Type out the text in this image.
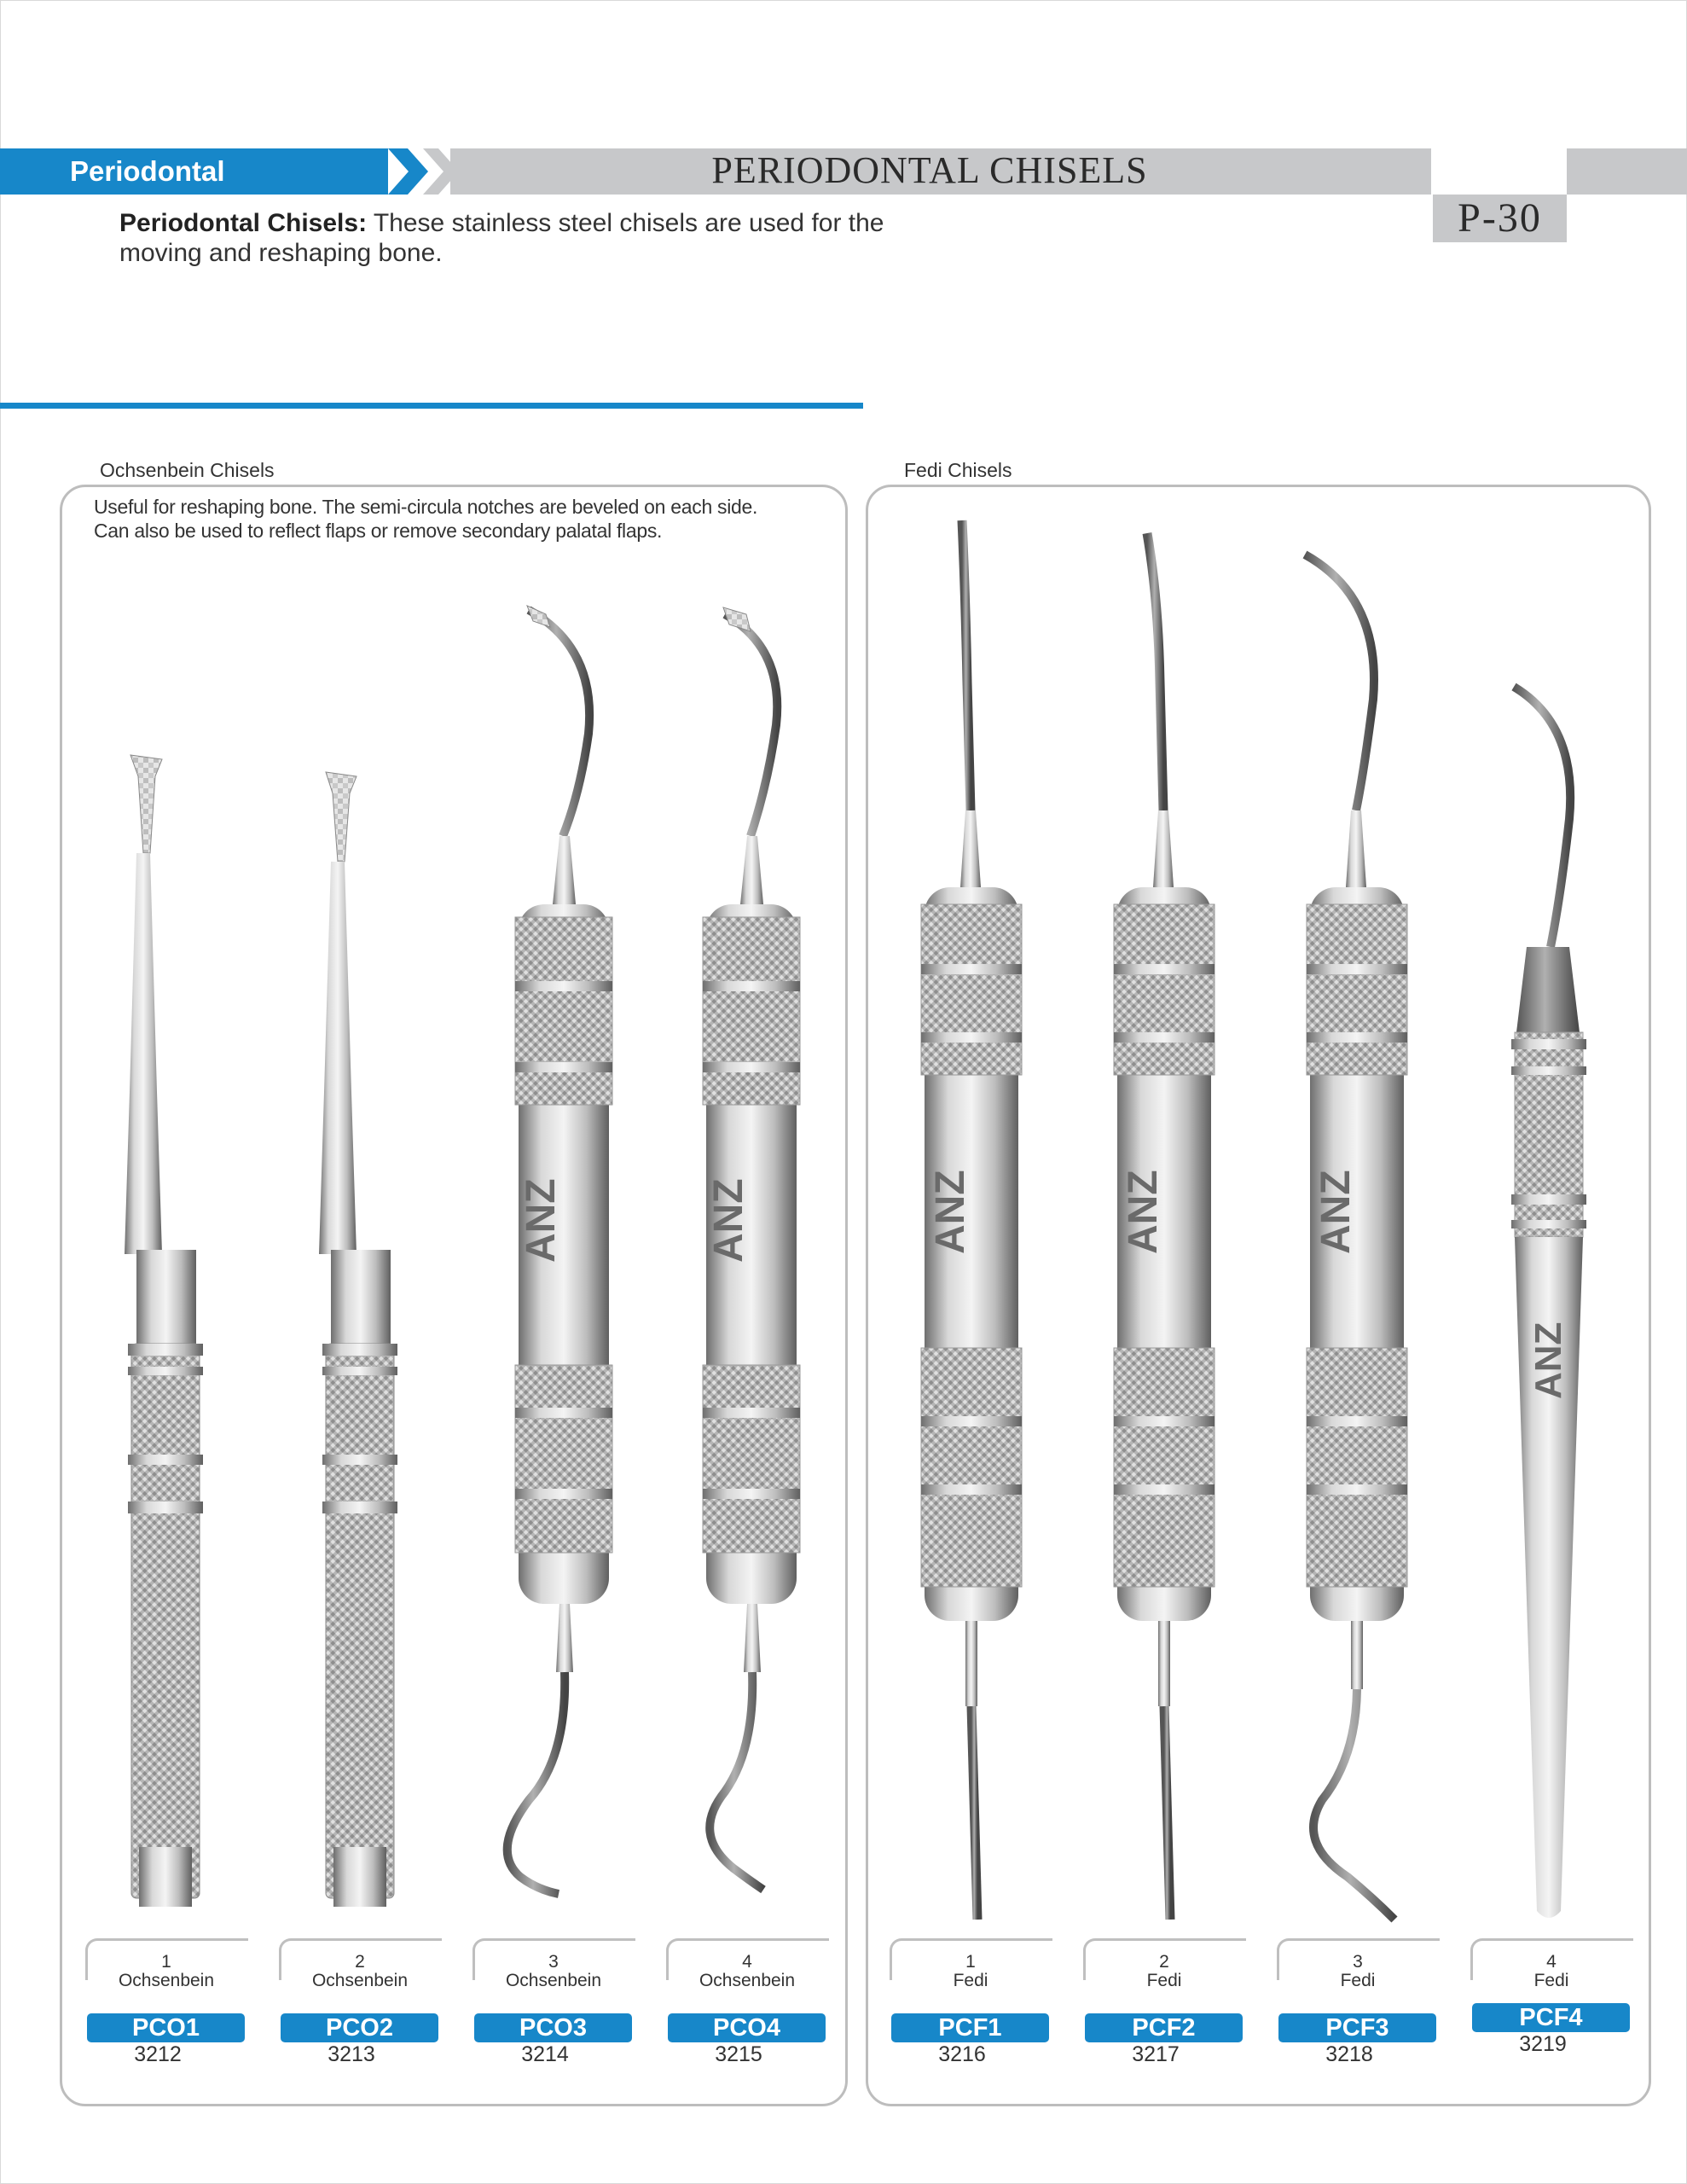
Periodontal	PERIODONTAL CHISELS
P-30
Periodontal Chisels: These stainless steel chisels are used for the moving and reshaping bone.
Ochsenbein Chisels	Fedi Chisels
Useful for reshaping bone. The semi-circula notches are beveled on each side.
Can also be used to reflect flaps or remove secondary palatal flaps.
ANZ	ANZ	ANZ	ANZ	ANZ
ANZ
1
Ochsenbein
PCO1
3212
2
Ochsenbein
PCO2
3213
3
Ochsenbein
PCO3
3214
4
Ochsenbein
PCO4
3215
1
Fedi
PCF1
3216
2
Fedi
PCF2
3217
3
Fedi
PCF3
3218
4
Fedi
PCF4
3219
